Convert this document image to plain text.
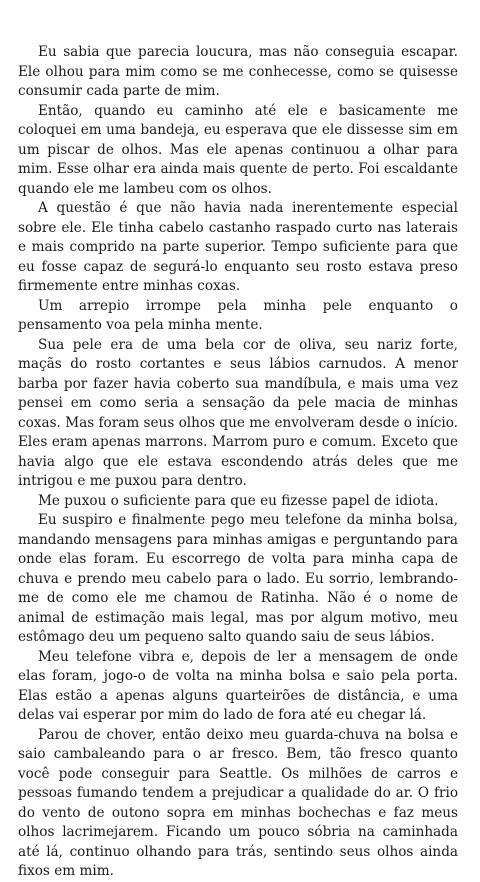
Eu sabia que parecia loucura, mas não conseguia escapar. Ele olhou para mim como se me conhecesse, como se quisesse consumir cada parte de mim.

Então, quando eu caminho até ele e basicamente me coloquei em uma bandeja, eu esperava que ele dissesse sim em um piscar de olhos. Mas ele apenas continuou a olhar para mim. Esse olhar era ainda mais quente de perto. Foi escaldante quando ele me lambeu com os olhos.

A questão é que não havia nada inerentemente especial sobre ele. Ele tinha cabelo castanho raspado curto nas laterais e mais comprido na parte superior. Tempo suficiente para que eu fosse capaz de segurá-lo enquanto seu rosto estava preso firmemente entre minhas coxas.

Um arrepio irrompe pela minha pele enquanto o pensamento voa pela minha mente.

Sua pele era de uma bela cor de oliva, seu nariz forte, maçãs do rosto cortantes e seus lábios carnudos. A menor barba por fazer havia coberto sua mandíbula, e mais uma vez pensei em como seria a sensação da pele macia de minhas coxas. Mas foram seus olhos que me envolveram desde o início. Eles eram apenas marrons. Marrom puro e comum. Exceto que havia algo que ele estava escondendo atrás deles que me intrigou e me puxou para dentro.

Me puxou o suficiente para que eu fizesse papel de idiota.

Eu suspiro e finalmente pego meu telefone da minha bolsa, mandando mensagens para minhas amigas e perguntando para onde elas foram. Eu escorrego de volta para minha capa de chuva e prendo meu cabelo para o lado. Eu sorrio, lembrando-me de como ele me chamou de Ratinha. Não é o nome de animal de estimação mais legal, mas por algum motivo, meu estômago deu um pequeno salto quando saiu de seus lábios.

Meu telefone vibra e, depois de ler a mensagem de onde elas foram, jogo-o de volta na minha bolsa e saio pela porta. Elas estão a apenas alguns quarteirões de distância, e uma delas vai esperar por mim do lado de fora até eu chegar lá.

Parou de chover, então deixo meu guarda-chuva na bolsa e saio cambaleando para o ar fresco. Bem, tão fresco quanto você pode conseguir para Seattle. Os milhões de carros e pessoas fumando tendem a prejudicar a qualidade do ar. O frio do vento de outono sopra em minhas bochechas e faz meus olhos lacrimejarem. Ficando um pouco sóbria na caminhada até lá, continuo olhando para trás, sentindo seus olhos ainda fixos em mim.
